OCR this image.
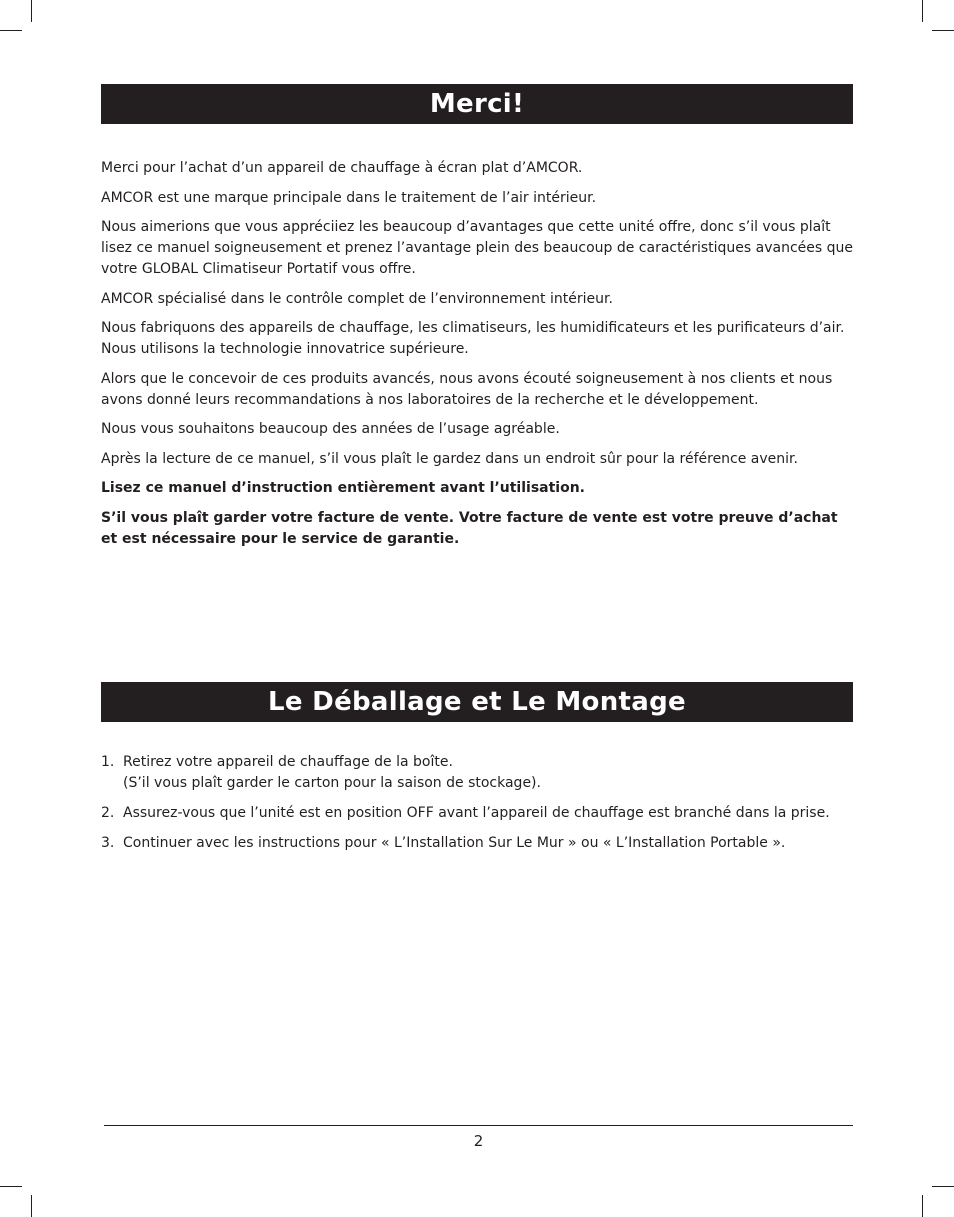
Merci!

Merci pour l’achat d’un appareil de chauffage à écran plat d’AMCOR.

AMCOR est une marque principale dans le traitement de l’air intérieur.

Nous aimerions que vous appréciiez les beaucoup d’avantages que cette unité offre, donc s’il vous plaît lisez ce manuel soigneusement et prenez l’avantage plein des beaucoup de caractéristiques avancées que votre GLOBAL Climatiseur Portatif vous offre.

AMCOR spécialisé dans le contrôle complet de l’environnement intérieur.

Nous fabriquons des appareils de chauffage, les climatiseurs, les humidificateurs et les purificateurs d’air. Nous utilisons la technologie innovatrice supérieure.

Alors que le concevoir de ces produits avancés, nous avons écouté soigneusement à nos clients et nous avons donné leurs recommandations à nos laboratoires de la recherche et le développement.

Nous vous souhaitons beaucoup des années de l’usage agréable.

Après la lecture de ce manuel, s’il vous plaît le gardez dans un endroit sûr pour la référence avenir.

Lisez ce manuel d’instruction entièrement avant l’utilisation.

S’il vous plaît garder votre facture de vente. Votre facture de vente est votre preuve d’achat et est nécessaire pour le service de garantie.

Le Déballage et Le Montage
1. Retirez votre appareil de chauffage de la boîte.
(S’il vous plaît garder le carton pour la saison de stockage).
2. Assurez-vous que l’unité est en position OFF avant l’appareil de chauffage est branché dans la prise.
3. Continuer avec les instructions pour « L’Installation Sur Le Mur » ou « L’Installation Portable ».
2
